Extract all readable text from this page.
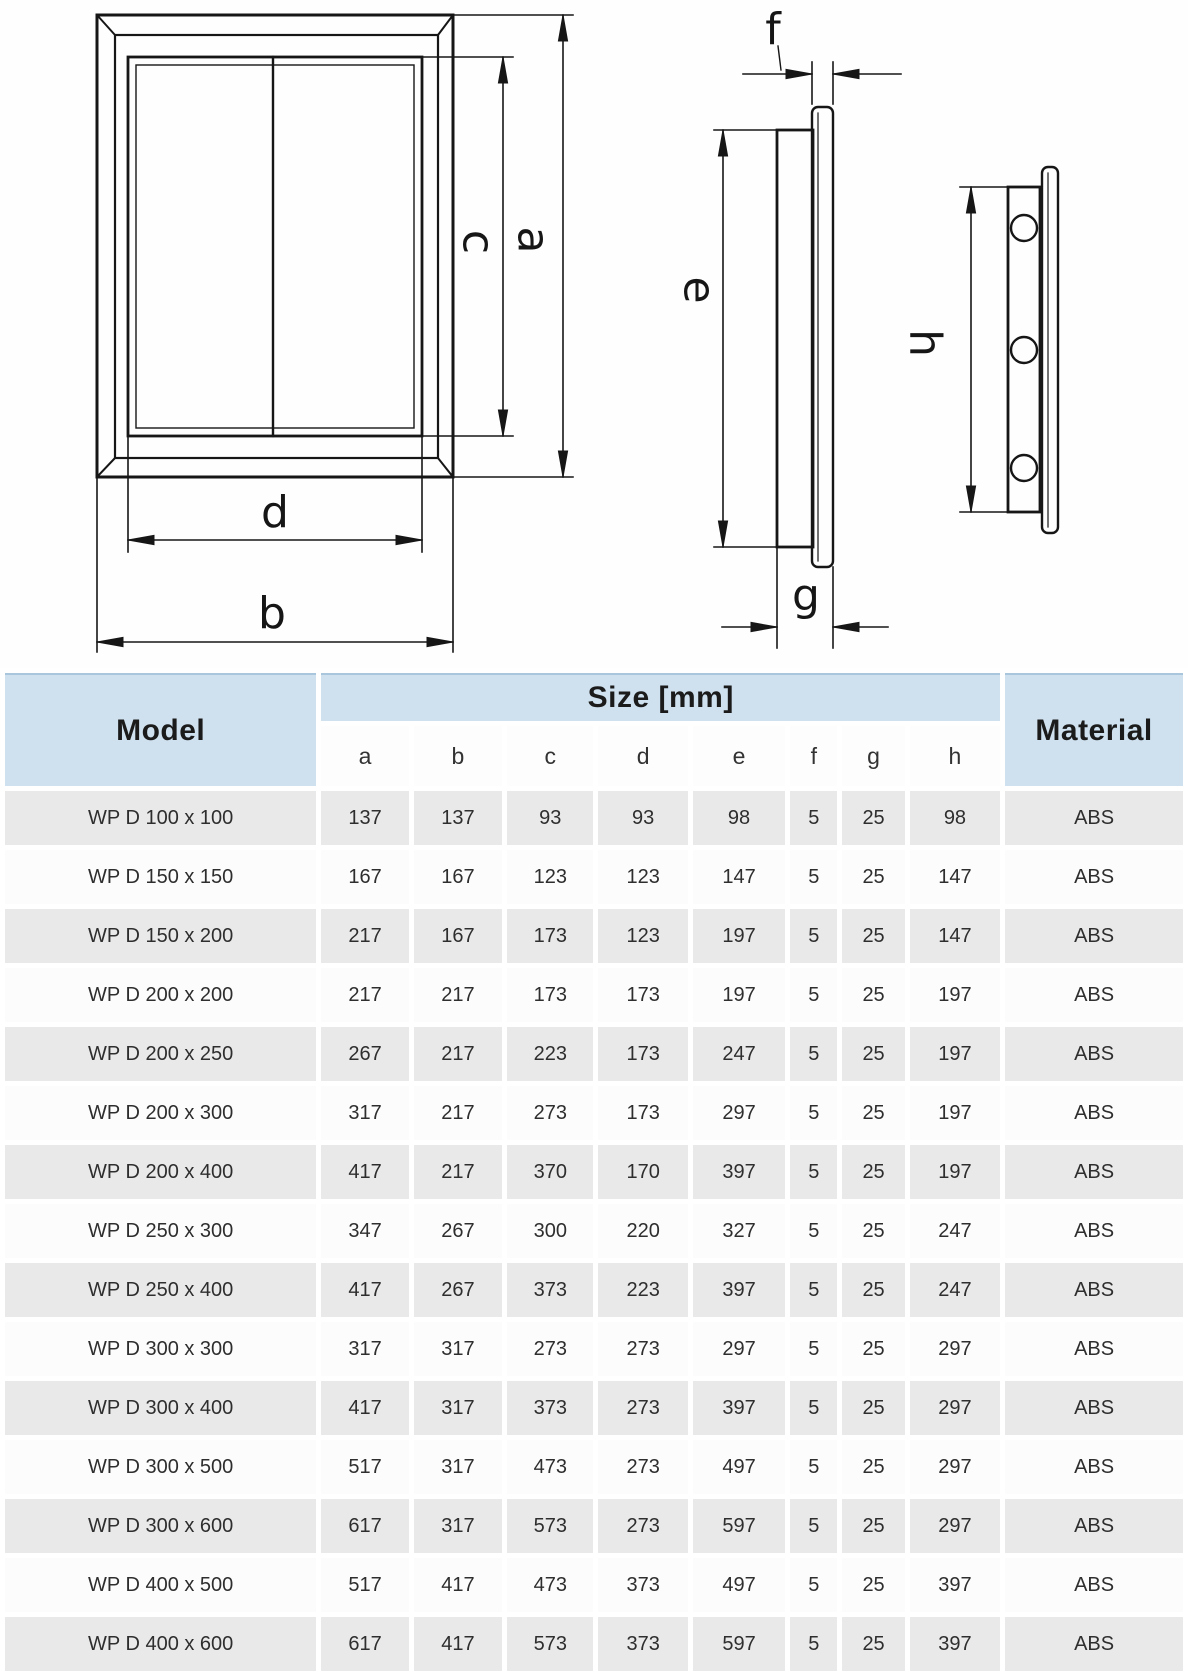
c a
d
b
e
f
g
h
Model	Size [mm]								Material
	a	b	c	d	e	f	g	h	
WP D 100 x 100	137	137	93	93	98	5	25	98	ABS
WP D 150 x 150	167	167	123	123	147	5	25	147	ABS
WP D 150 x 200	217	167	173	123	197	5	25	147	ABS
WP D 200 x 200	217	217	173	173	197	5	25	197	ABS
WP D 200 x 250	267	217	223	173	247	5	25	197	ABS
WP D 200 x 300	317	217	273	173	297	5	25	197	ABS
WP D 200 x 400	417	217	370	170	397	5	25	197	ABS
WP D 250 x 300	347	267	300	220	327	5	25	247	ABS
WP D 250 x 400	417	267	373	223	397	5	25	247	ABS
WP D 300 x 300	317	317	273	273	297	5	25	297	ABS
WP D 300 x 400	417	317	373	273	397	5	25	297	ABS
WP D 300 x 500	517	317	473	273	497	5	25	297	ABS
WP D 300 x 600	617	317	573	273	597	5	25	297	ABS
WP D 400 x 500	517	417	473	373	497	5	25	397	ABS
WP D 400 x 600	617	417	573	373	597	5	25	397	ABS
